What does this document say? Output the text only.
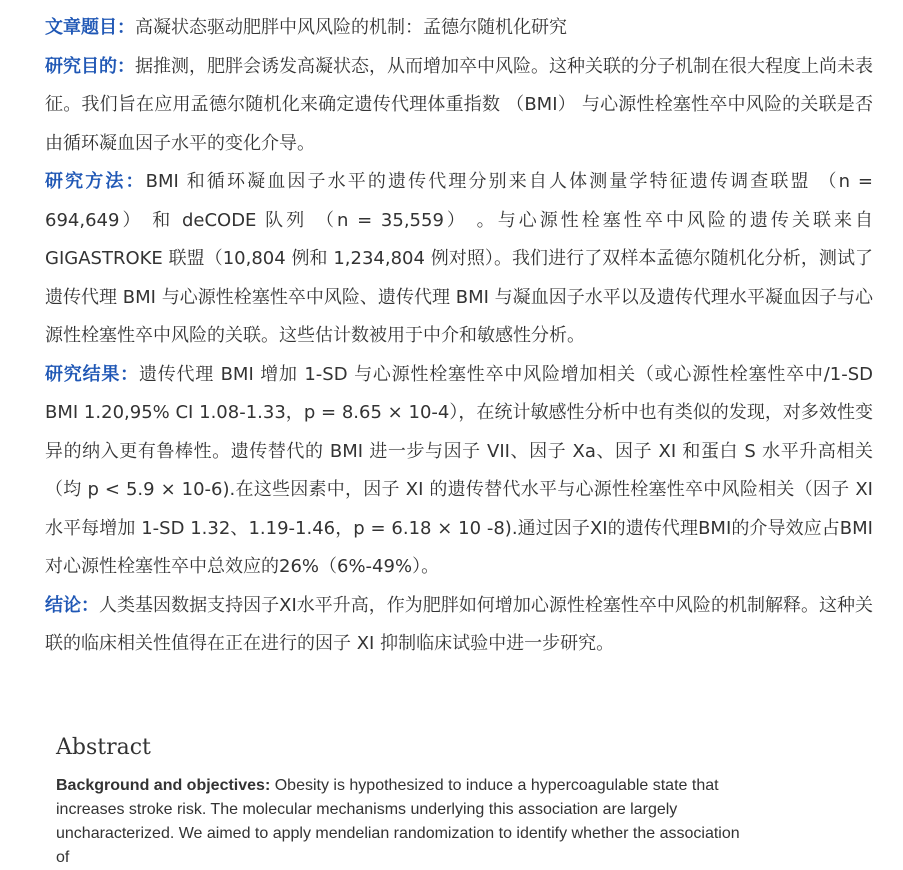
文章题目：高凝状态驱动肥胖中风风险的机制：孟德尔随机化研究

研究目的：据推测，肥胖会诱发高凝状态，从而增加卒中风险。这种关联的分子机制在很大程度上尚未表征。我们旨在应用孟德尔随机化来确定遗传代理体重指数 （BMI） 与心源性栓塞性卒中风险的关联是否由循环凝血因子水平的变化介导。

研究方法：BMI 和循环凝血因子水平的遗传代理分别来自人体测量学特征遗传调查联盟 （n = 694,649） 和 deCODE 队列 （n = 35,559） 。与心源性栓塞性卒中风险的遗传关联来自 GIGASTROKE 联盟（10,804 例和 1,234,804 例对照）。我们进行了双样本孟德尔随机化分析，测试了遗传代理 BMI 与心源性栓塞性卒中风险、遗传代理 BMI 与凝血因子水平以及遗传代理水平凝血因子与心源性栓塞性卒中风险的关联。这些估计数被用于中介和敏感性分析。

研究结果：遗传代理 BMI 增加 1-SD 与心源性栓塞性卒中风险增加相关（或心源性栓塞性卒中/1-SD BMI 1.20,95% CI 1.08-1.33，p = 8.65 × 10-4），在统计敏感性分析中也有类似的发现，对多效性变异的纳入更有鲁棒性。遗传替代的 BMI 进一步与因子 VII、因子 Xa、因子 XI 和蛋白 S 水平升高相关 （均 p < 5.9 × 10-6).在这些因素中，因子 XI 的遗传替代水平与心源性栓塞性卒中风险相关（因子 XI 水平每增加 1-SD 1.32、1.19-1.46，p = 6.18 × 10 -8).通过因子XI的遗传代理BMI的介导效应占BMI对心源性栓塞性卒中总效应的26%（6%-49%）。

结论：人类基因数据支持因子XI水平升高，作为肥胖如何增加心源性栓塞性卒中风险的机制解释。这种关联的临床相关性值得在正在进行的因子 XI 抑制临床试验中进一步研究。

Abstract

Background and objectives: Obesity is hypothesized to induce a hypercoagulable state that increases stroke risk. The molecular mechanisms underlying this association are largely uncharacterized. We aimed to apply mendelian randomization to identify whether the association of
